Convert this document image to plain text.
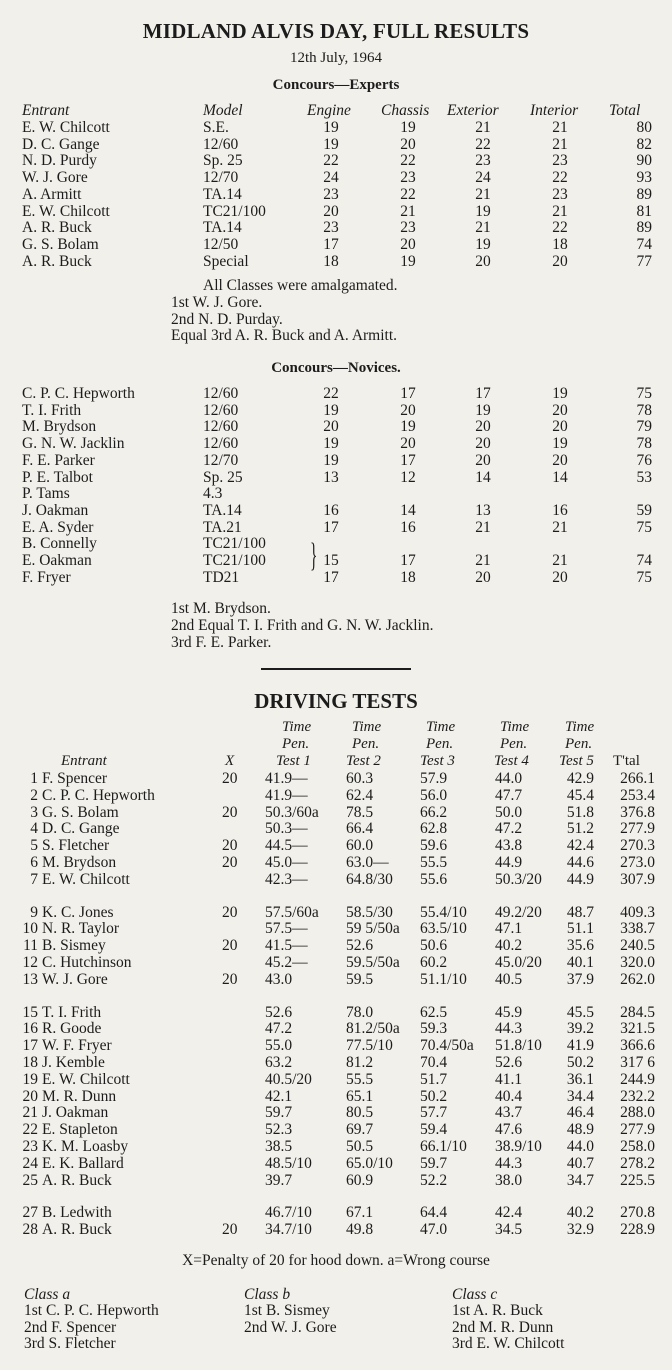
MIDLAND ALVIS DAY, FULL RESULTS
12th July, 1964
Concours—Experts
Entrant	Model	Engine Chassis Exterior Interior Total
E. W. Chilcott	S.E.	19	19	21	21	80
D. C. Gange	12/60	19	20	22	21	82
N. D. Purdy	Sp. 25	22	22	23	23	90
W. J. Gore	12/70	24	23	24	22	93
A. Armitt	TA.14	23	22	21	23	89
E. W. Chilcott	TC21/100	20	21	19	21	81
A. R. Buck	TA.14	23	23	21	22	89
G. S. Bolam	12/50	17	20	19	18	74
A. R. Buck	Special	18	19	20	20	77
All Classes were amalgamated.
1st W. J. Gore.
2nd N. D. Purday.
Equal 3rd A. R. Buck and A. Armitt.
Concours—Novices.
C. P. C. Hepworth	12/60	22	17	17	19	75
T. I. Frith	12/60	19	20	19	20	78
M. Brydson	12/60	20	19	20	20	79
G. N. W. Jacklin	12/60	19	20	20	19	78
F. E. Parker	12/70	19	17	20	20	76
P. E. Talbot	Sp. 25	13	12	14	14	53
P. Tams	4.3
J. Oakman	TA.14	16	14	13	16	59
E. A. Syder	TA.21	17	16	21	21	75
B. Connelly	TC21/100
E. Oakman	TC21/100	15	17	21	21	74
F. Fryer	TD21	17	18	20	20	75
}
1st M. Brydson.
2nd Equal T. I. Frith and G. N. W. Jacklin.
3rd F. E. Parker.
DRIVING TESTS
Time	Time	Time	Time Time
Pen.	Pen.	Pen.	Pen.	Pen.
Entrant	X	Test 1 Test 2	Test 3	Test 4 Test 5 T'tal
1 F. Spencer	20 41.9— 60.3	57.9	44.0	42.9	266.1
2 C. P. C. Hepworth	41.9— 62.4	56.0	47.7	45.4	253.4
3 G. S. Bolam	20 50.3/60a 78.5	66.2	50.0	51.8	376.8
4 D. C. Gange	50.3— 66.4	62.8	47.2	51.2	277.9
5 S. Fletcher	20 44.5— 60.0	59.6	43.8	42.4	270.3
6 M. Brydson	20 45.0— 63.0— 55.5	44.9	44.6	273.0
7 E. W. Chilcott	42.3— 64.8/30 55.6	50.3/20	44.9	307.9
9 K. C. Jones	20 57.5/60a 58.5/30 55.4/10 49.2/20	48.7	409.3
10 N. R. Taylor	57.5— 59 5/50a 63.5/10 47.1	51.1	338.7
11 B. Sismey	20 41.5— 52.6	50.6	40.2	35.6	240.5
12 C. Hutchinson	45.2— 59.5/50a 60.2	45.0/20	40.1	320.0
13 W. J. Gore	20 43.0	59.5	51.1/10 40.5	37.9	262.0
15 T. I. Frith	52.6	78.0	62.5	45.9	45.5	284.5
16 R. Goode	47.2	81.2/50a 59.3	44.3	39.2	321.5
17 W. F. Fryer	55.0	77.5/10 70.4/50a 51.8/10	41.9	366.6
18 J. Kemble	63.2	81.2	70.4	52.6	50.2	317 6
19 E. W. Chilcott	40.5/20 55.5	51.7	41.1	36.1	244.9
20 M. R. Dunn	42.1	65.1	50.2	40.4	34.4	232.2
21 J. Oakman	59.7	80.5	57.7	43.7	46.4	288.0
22 E. Stapleton	52.3	69.7	59.4	47.6	48.9	277.9
23 K. M. Loasby	38.5	50.5	66.1/10 38.9/10	44.0	258.0
24 E. K. Ballard	48.5/10 65.0/10 59.7	44.3	40.7	278.2
25 A. R. Buck	39.7	60.9	52.2	38.0	34.7	225.5
27 B. Ledwith	46.7/10 67.1	64.4	42.4	40.2	270.8
28 A. R. Buck	20 34.7/10 49.8	47.0	34.5	32.9	228.9
X=Penalty of 20 for hood down. a=Wrong course
Class a
1st C. P. C. Hepworth
2nd F. Spencer
3rd S. Fletcher
Class b
1st B. Sismey
2nd W. J. Gore
Class c
1st A. R. Buck
2nd M. R. Dunn
3rd E. W. Chilcott
